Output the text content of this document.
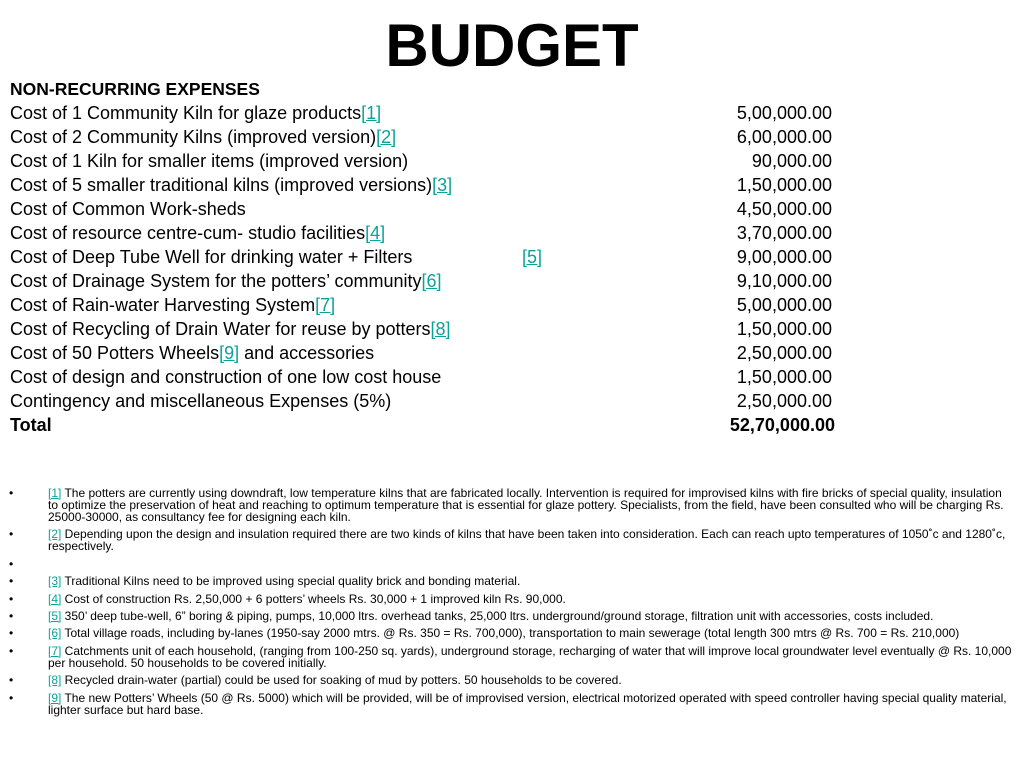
BUDGET
NON-RECURRING EXPENSES
Cost of 1 Community Kiln for glaze products[1]	5,00,000.00
Cost of 2 Community Kilns (improved version)[2]	6,00,000.00
Cost of 1 Kiln for smaller items (improved version)	90,000.00
Cost of 5 smaller traditional kilns (improved versions)[3]	1,50,000.00
Cost of Common Work-sheds	4,50,000.00
Cost of resource centre-cum- studio facilities[4]	3,70,000.00
Cost of Deep Tube Well for drinking water + Filters	[5]	9,00,000.00
Cost of Drainage System for the potters’ community[6]	9,10,000.00
Cost of Rain-water Harvesting System[7]	5,00,000.00
Cost of Recycling of Drain Water for reuse by potters[8]	1,50,000.00
Cost of 50 Potters Wheels[9] and accessories	2,50,000.00
Cost of design and construction of one low cost house	1,50,000.00
Contingency and miscellaneous Expenses (5%)	2,50,000.00
Total	52,70,000.00
•	[1] The potters are currently using downdraft, low temperature kilns that are fabricated locally. Intervention is required for improvised kilns with fire bricks of special quality, insulation to optimize the preservation of heat and reaching to optimum temperature that is essential for glaze pottery. Specialists, from the field, have been consulted who will be charging Rs. 25000-30000, as consultancy fee for designing each kiln.
•	[2] Depending upon the design and insulation required there are two kinds of kilns that have been taken into consideration. Each can reach upto temperatures of 1050˚c and 1280˚c, respectively.
•
•	[3] Traditional Kilns need to be improved using special quality brick and bonding material.
•	[4] Cost of construction Rs. 2,50,000 + 6 potters’ wheels Rs. 30,000 + 1 improved kiln Rs. 90,000.
•	[5] 350’ deep tube-well, 6” boring & piping, pumps, 10,000 ltrs. overhead tanks, 25,000 ltrs. underground/ground storage, filtration unit with accessories, costs included.
•	[6] Total village roads, including by-lanes (1950-say 2000 mtrs. @ Rs. 350 = Rs. 700,000), transportation to main sewerage (total length 300 mtrs @ Rs. 700 = Rs. 210,000)
•	[7] Catchments unit of each household, (ranging from 100-250 sq. yards), underground storage, recharging of water that will improve local groundwater level eventually @ Rs. 10,000 per household. 50 households to be covered initially.
•	[8] Recycled drain-water (partial) could be used for soaking of mud by potters. 50 households to be covered.
•	[9] The new Potters’ Wheels (50 @ Rs. 5000) which will be provided, will be of improvised version, electrical motorized operated with speed controller having special quality material, lighter surface but hard base.
